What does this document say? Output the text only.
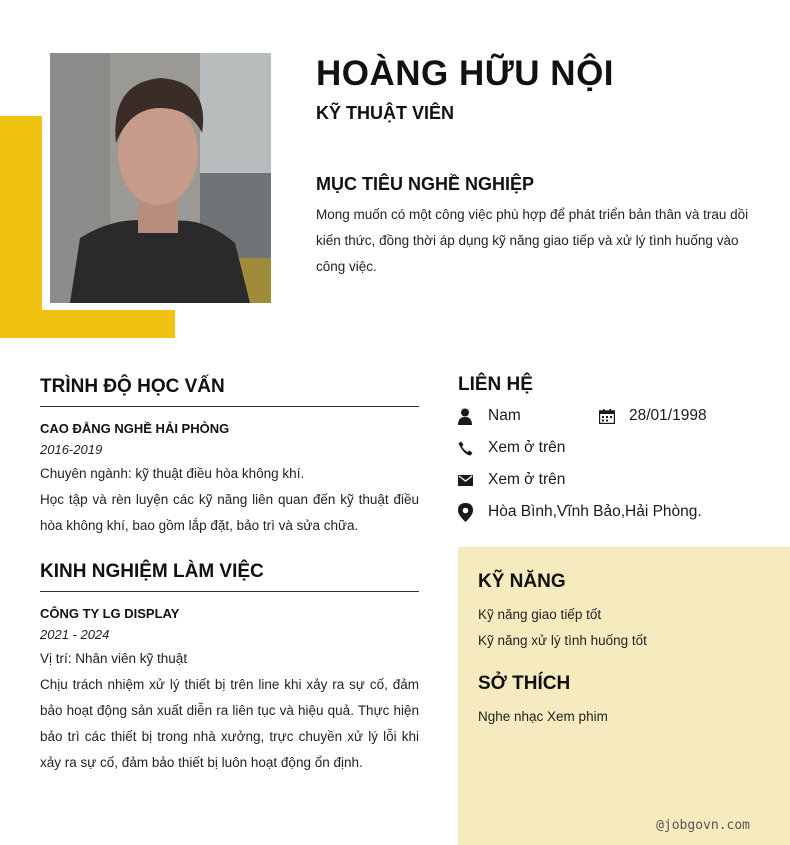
HOÀNG HỮU NỘI
KỸ THUẬT VIÊN
MỤC TIÊU NGHỀ NGHIỆP
Mong muốn có một công việc phù hợp để phát triển bản thân và trau dồi kiến thức, đồng thời áp dụng kỹ năng giao tiếp và xử lý tình huống vào công việc.
TRÌNH ĐỘ HỌC VẤN
CAO ĐẲNG NGHỀ HẢI PHÒNG
2016-2019
Chuyên ngành: kỹ thuật điều hòa không khí.
Học tập và rèn luyện các kỹ năng liên quan đến kỹ thuật điều hòa không khí, bao gồm lắp đặt, bảo trì và sửa chữa.
KINH NGHIỆM LÀM VIỆC
CÔNG TY LG DISPLAY
2021 - 2024
Vị trí: Nhân viên kỹ thuật
Chịu trách nhiệm xử lý thiết bị trên line khi xảy ra sự cố, đảm bảo hoạt động sản xuất diễn ra liên tục và hiệu quả. Thực hiện bảo trì các thiết bị trong nhà xưởng, trực chuyền xử lý lỗi khi xảy ra sự cố, đảm bảo thiết bị luôn hoạt động ổn định.
LIÊN HỆ
Nam	28/01/1998
Xem ở trên
Xem ở trên
Hòa Bình,Vĩnh Bảo,Hải Phòng.
KỸ NĂNG
Kỹ năng giao tiếp tốt
Kỹ năng xử lý tình huống tốt
SỞ THÍCH
Nghe nhạc Xem phim
@jobgovn.com
